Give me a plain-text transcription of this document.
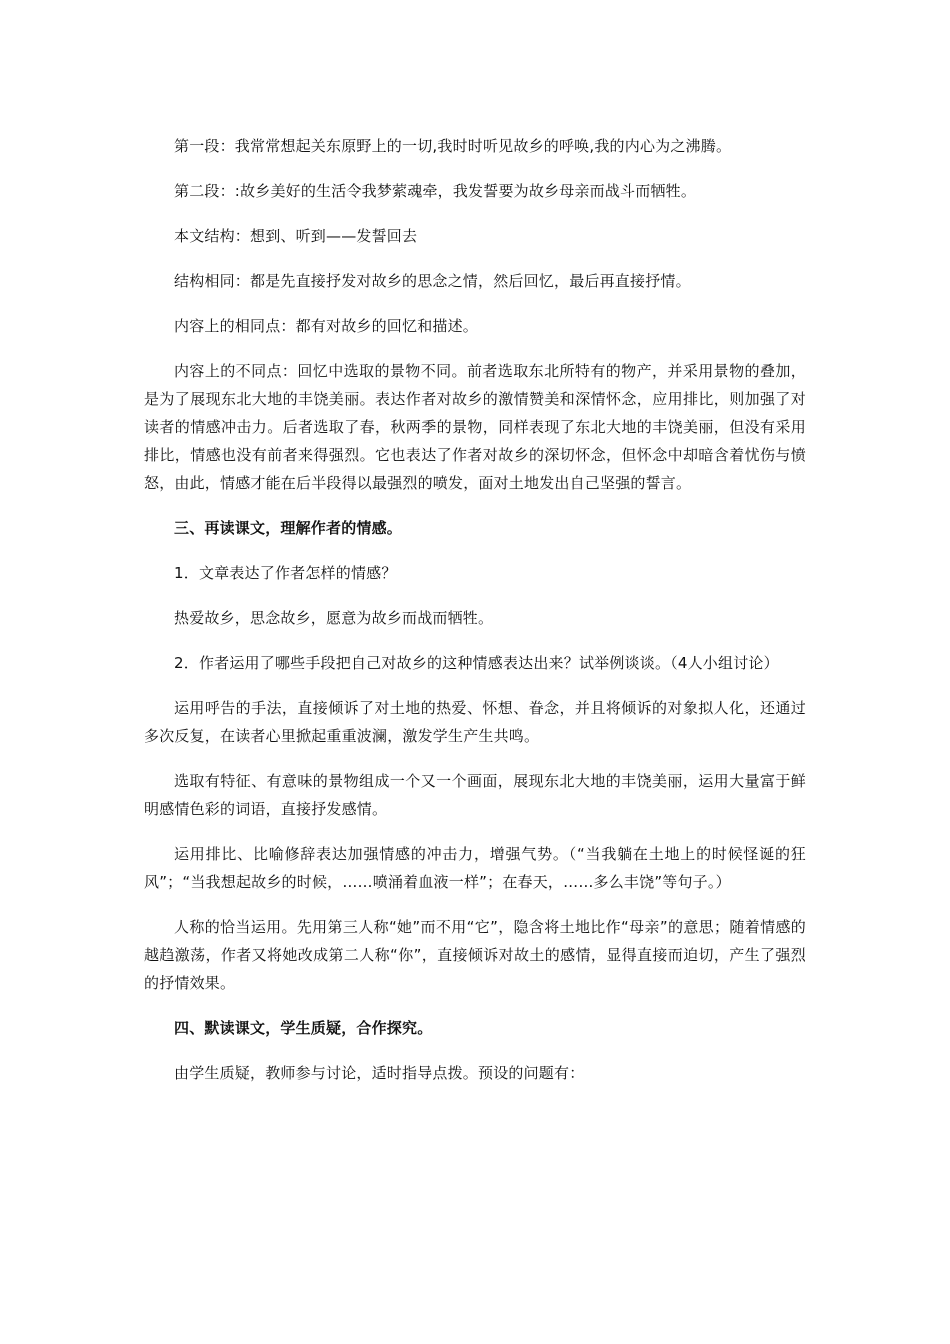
第一段：我常常想起关东原野上的一切,我时时听见故乡的呼唤,我的内心为之沸腾。

第二段：:故乡美好的生活令我梦萦魂牵，我发誓要为故乡母亲而战斗而牺牲。

本文结构：想到、听到——发誓回去

结构相同：都是先直接抒发对故乡的思念之情，然后回忆，最后再直接抒情。

内容上的相同点：都有对故乡的回忆和描述。

内容上的不同点：回忆中选取的景物不同。前者选取东北所特有的物产，并采用景物的叠加，是为了展现东北大地的丰饶美丽。表达作者对故乡的激情赞美和深情怀念，应用排比，则加强了对读者的情感冲击力。后者选取了春，秋两季的景物，同样表现了东北大地的丰饶美丽，但没有采用排比，情感也没有前者来得强烈。它也表达了作者对故乡的深切怀念，但怀念中却暗含着忧伤与愤怒，由此，情感才能在后半段得以最强烈的喷发，面对土地发出自己坚强的誓言。

三、再读课文，理解作者的情感。

1．文章表达了作者怎样的情感？

热爱故乡，思念故乡，愿意为故乡而战而牺牲。

2．作者运用了哪些手段把自己对故乡的这种情感表达出来？试举例谈谈。（4人小组讨论）

运用呼告的手法，直接倾诉了对土地的热爱、怀想、眷念，并且将倾诉的对象拟人化，还通过多次反复，在读者心里掀起重重波澜，激发学生产生共鸣。

选取有特征、有意味的景物组成一个又一个画面，展现东北大地的丰饶美丽，运用大量富于鲜明感情色彩的词语，直接抒发感情。

运用排比、比喻修辞表达加强情感的冲击力，增强气势。（“当我躺在土地上的时候怪诞的狂风”；“当我想起故乡的时候，……喷涌着血液一样”；在春天，……多么丰饶”等句子。）

人称的恰当运用。先用第三人称“她”而不用“它”，隐含将土地比作“母亲”的意思；随着情感的越趋激荡，作者又将她改成第二人称“你”，直接倾诉对故土的感情，显得直接而迫切，产生了强烈的抒情效果。

四、默读课文，学生质疑，合作探究。

由学生质疑，教师参与讨论，适时指导点拨。预设的问题有：
